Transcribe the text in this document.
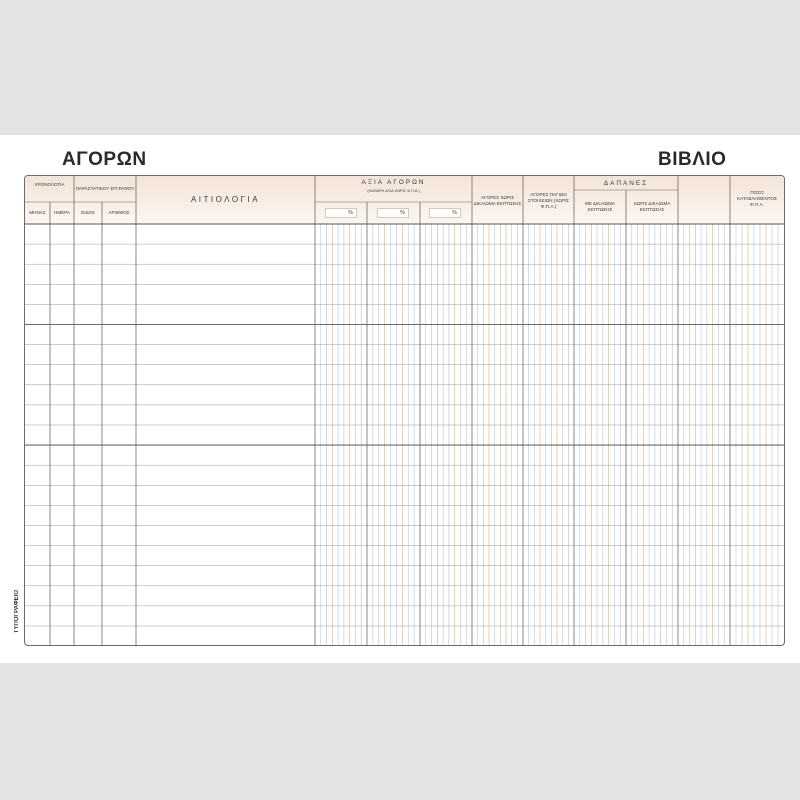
ΑΓΟΡΩΝ	ΒΙΒΛΙΟ
ΤΥΠΟΓΡΑΦΕΙΟ
ΧΡΟΝΟΛΟΓΙΑ
ΜΗΝΑΣ	ΗΜΕΡΑ
ΠΑΡΑΣΤΑΤΙΚΟΥ ΕΓΓΡΑΦΟΥ
ΕΙΔΟΣ	ΑΡΙΘΜΟΣ
ΑΙΤΙΟΛΟΓΙΑ
ΑΞΙΑ ΑΓΟΡΩΝ
(ΚΑΘΑΡΗ ΑΞΙΑ ΧΩΡΙΣ Φ.Π.Α.)
%	%	%
ΑΓΟΡΕΣ ΧΩΡΙΣ ΔΙΚΑΙΩΜΑ ΕΚΠΤΩΣΗΣ
ΑΓΟΡΕΣ ΠΑΓΙΩΝ ΣΤΟΙΧΕΙΩΝ (ΧΩΡΙΣ Φ.Π.Α.)
ΔΑΠΑΝΕΣ
ΜΕ ΔΙΚΑΙΩΜΑ ΕΚΠΤΩΣΗΣ
ΧΩΡΙΣ ΔΙΚΑΙΩΜΑ ΕΚΠΤΩΣΗΣ
ΠΟΣΟ ΚΑΤΑΒΛΗΘΕΝΤΟΣ Φ.Π.Α.
